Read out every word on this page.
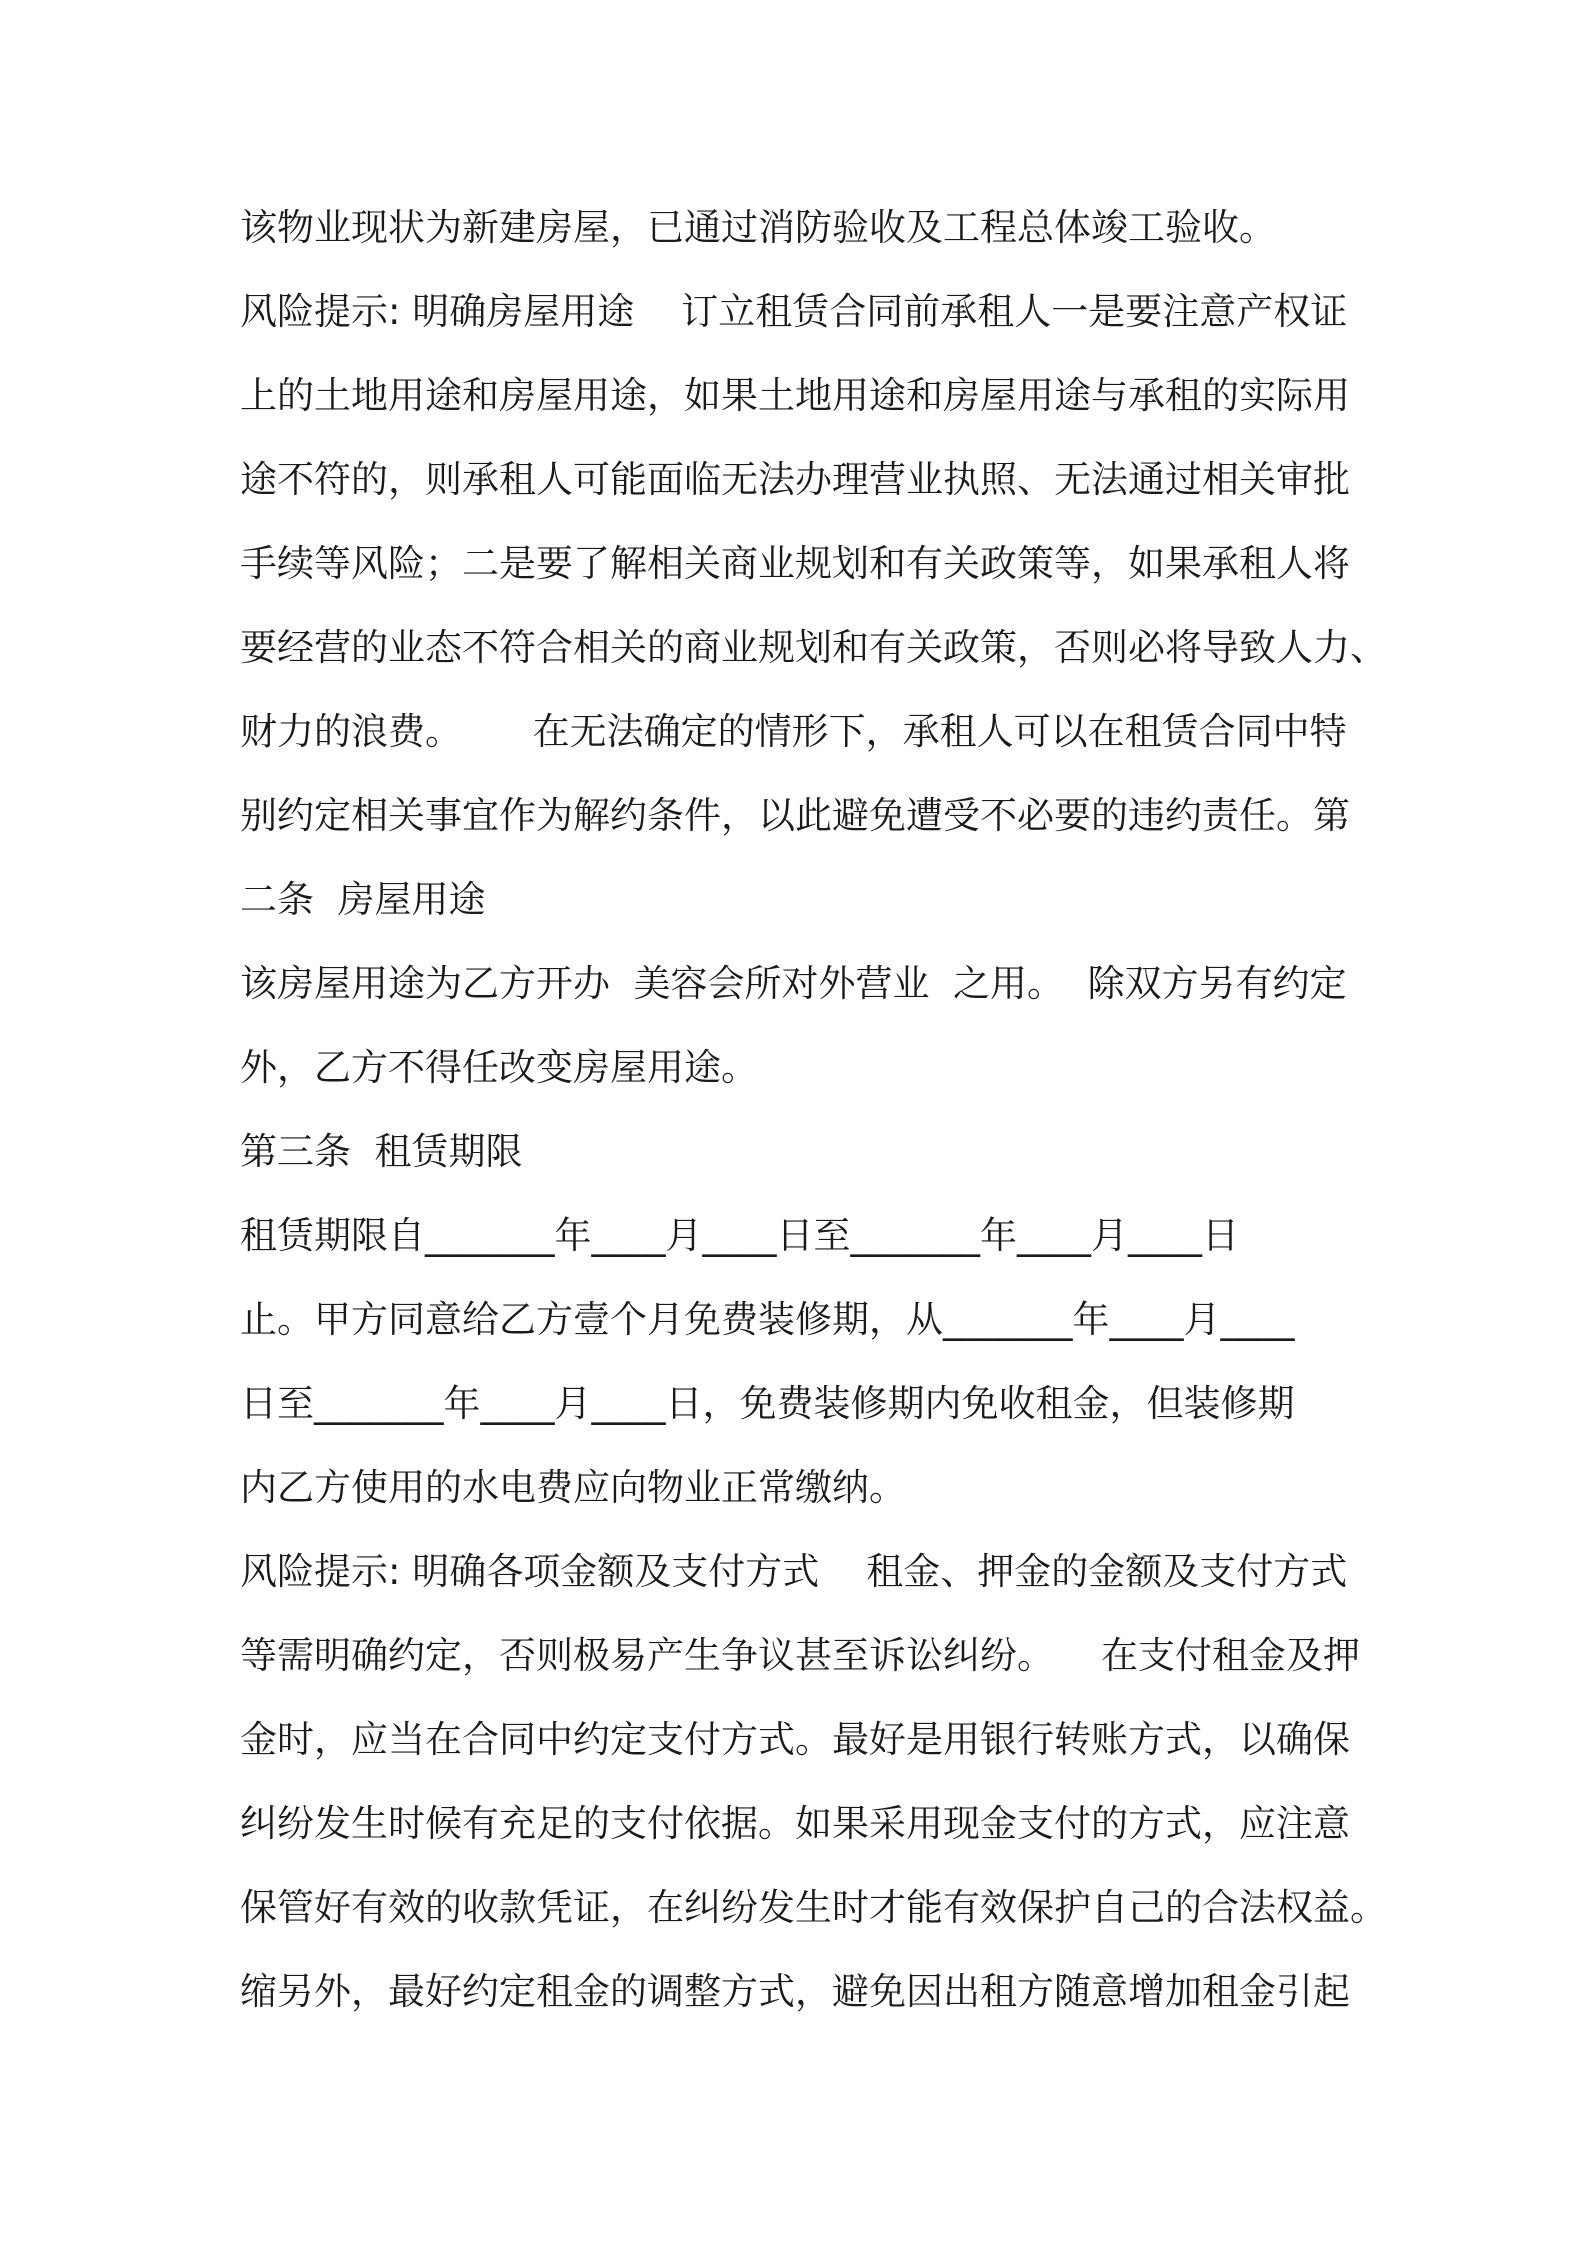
该物业现状为新建房屋，已通过消防验收及工程总体竣工验收。
风险提示: 明确房屋用途    订立租赁合同前承租人一是要注意产权证
上的土地用途和房屋用途，如果土地用途和房屋用途与承租的实际用
途不符的，则承租人可能面临无法办理营业执照、无法通过相关审批
手续等风险；二是要了解相关商业规划和有关政策等，如果承租人将
要经营的业态不符合相关的商业规划和有关政策，否则必将导致人力、
财力的浪费。      在无法确定的情形下，承租人可以在租赁合同中特
别约定相关事宜作为解约条件，以此避免遭受不必要的违约责任。第
二条  房屋用途
该房屋用途为乙方开办  美容会所对外营业  之用。  除双方另有约定
外，乙方不得任改变房屋用途。
第三条  租赁期限
租赁期限自_______年____月____日至_______年____月____日
止。甲方同意给乙方壹个月免费装修期，从_______年____月____
日至_______年____月____日，免费装修期内免收租金，但装修期
内乙方使用的水电费应向物业正常缴纳。
风险提示: 明确各项金额及支付方式    租金、押金的金额及支付方式
等需明确约定，否则极易产生争议甚至诉讼纠纷。    在支付租金及押
金时，应当在合同中约定支付方式。最好是用银行转账方式，以确保
纠纷发生时候有充足的支付依据。如果采用现金支付的方式，应注意
保管好有效的收款凭证，在纠纷发生时才能有效保护自己的合法权益。
缩另外，最好约定租金的调整方式，避免因出租方随意增加租金引起
